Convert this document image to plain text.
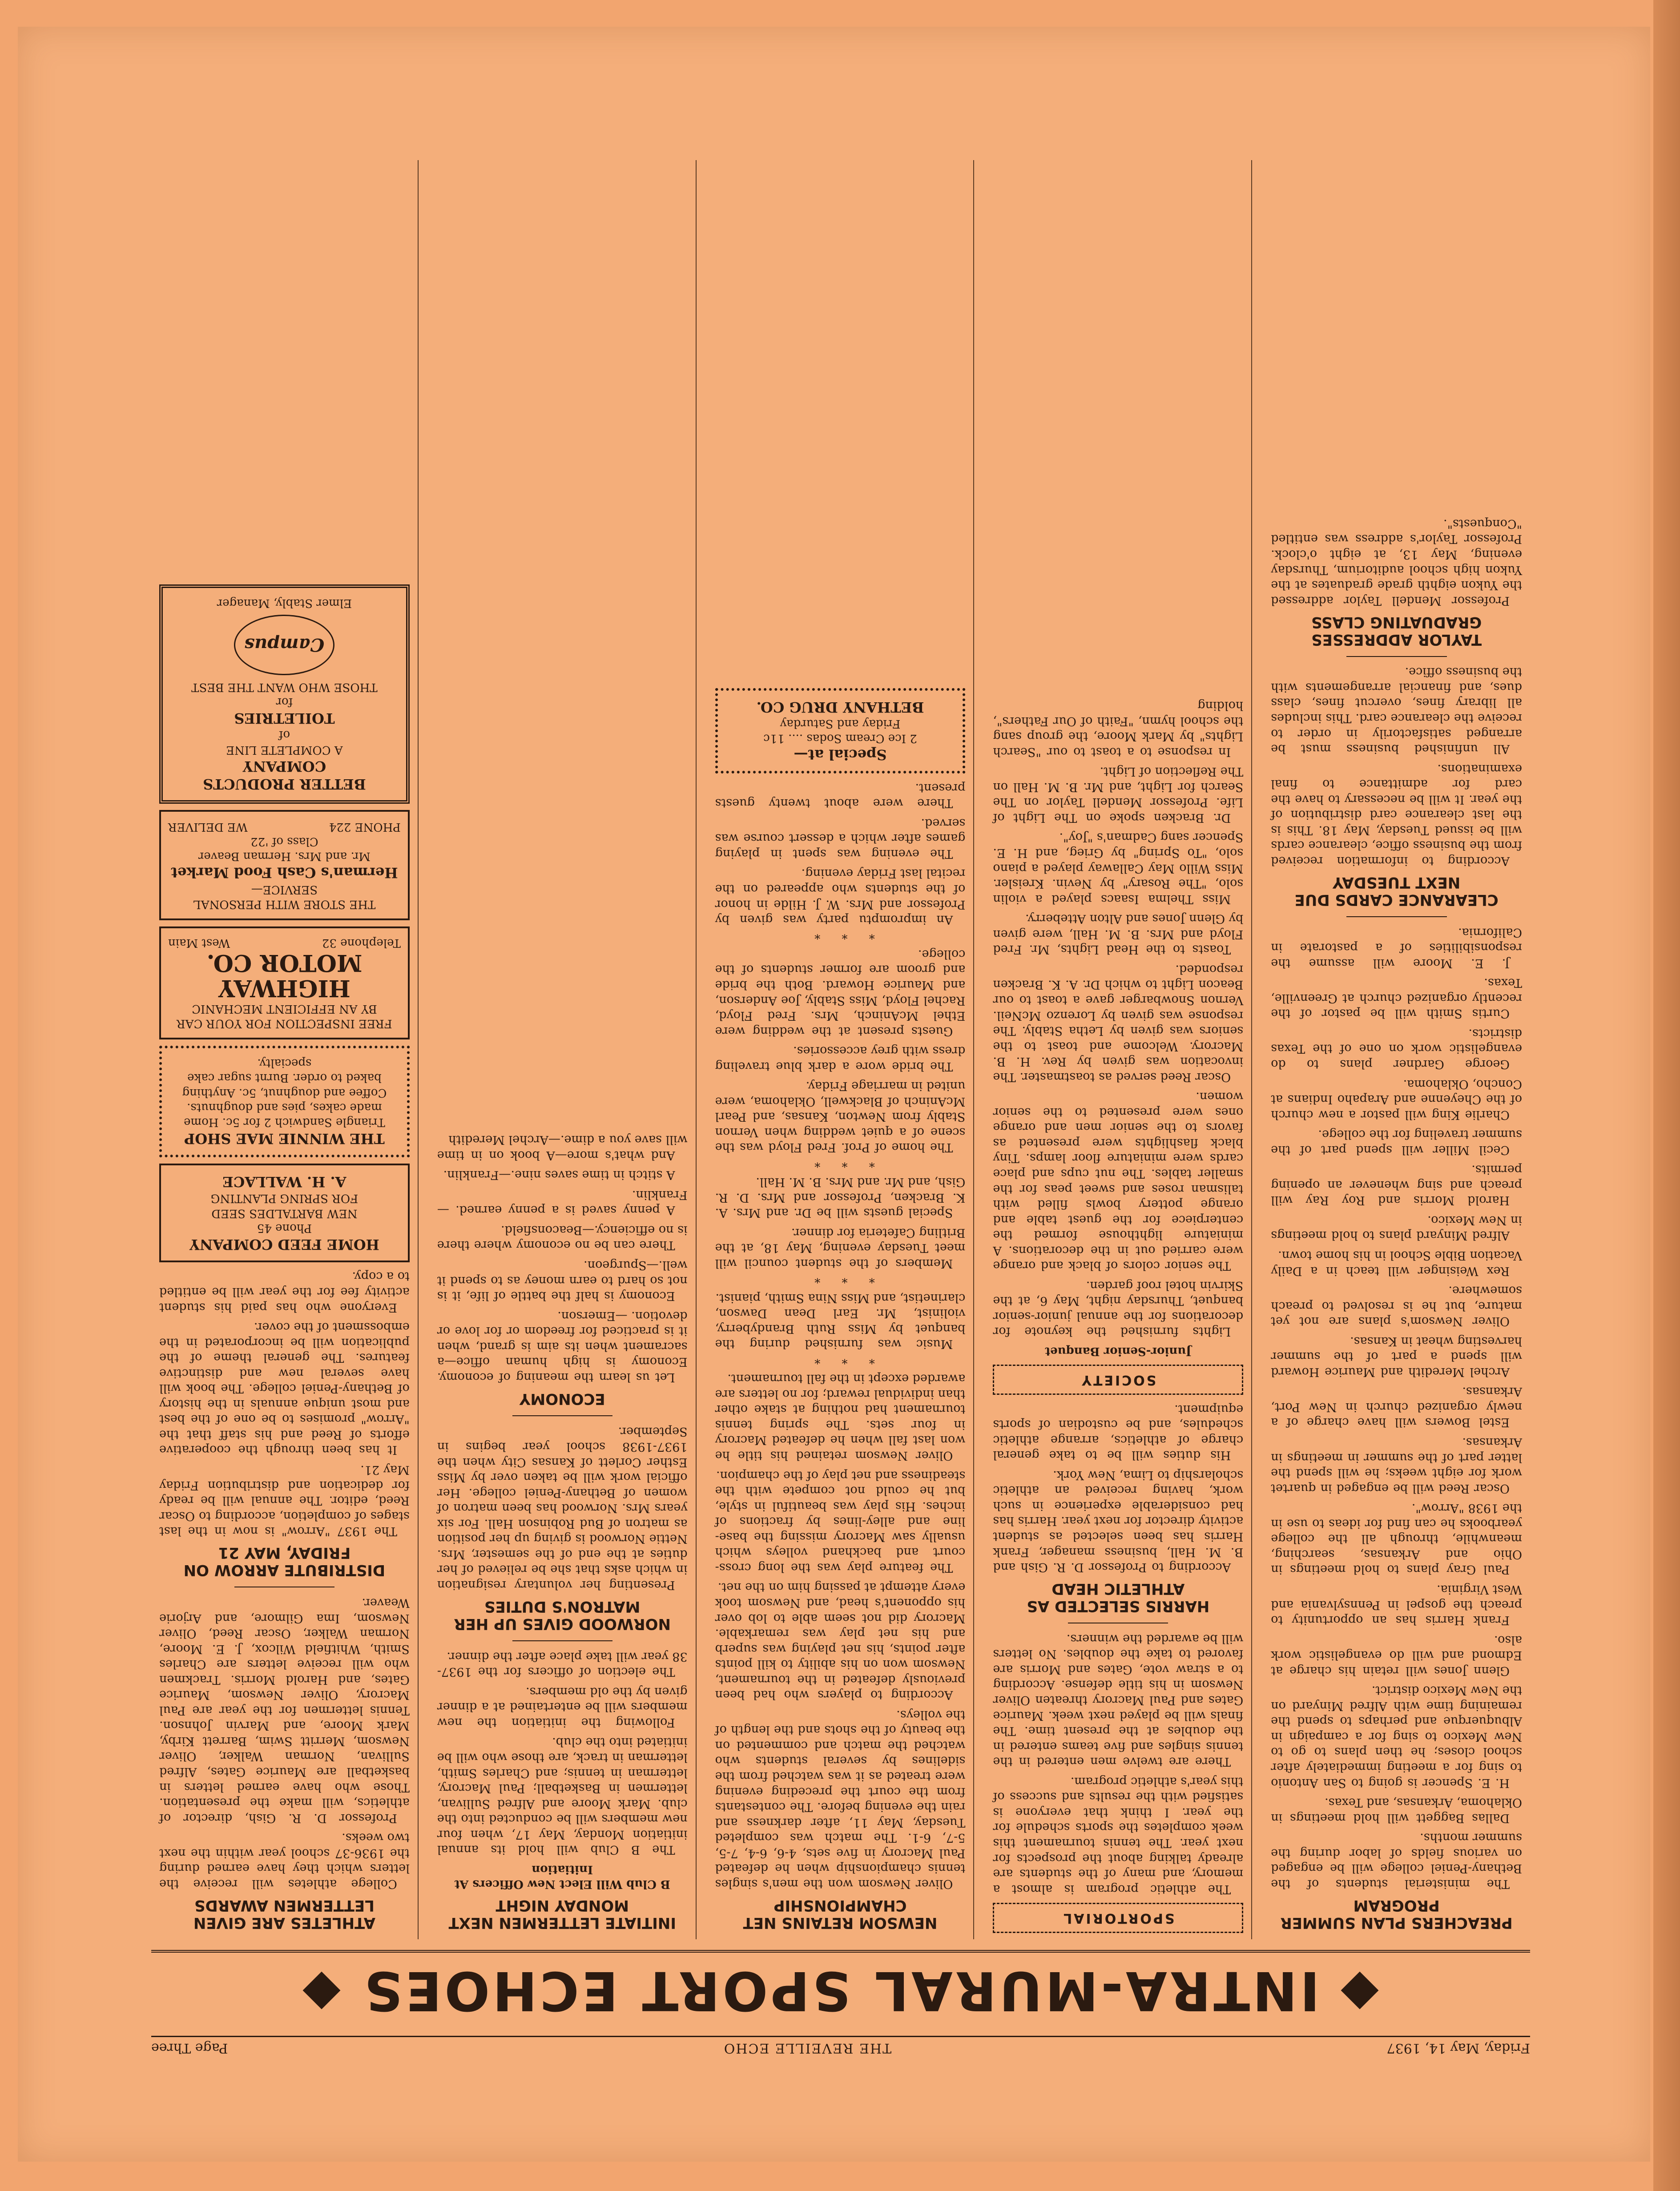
Friday, May 14, 1937
THE REVEILLE ECHO
Page Three
INTRA-MURAL SPORT ECHOES
PREACHERS PLAN SUMMER PROGRAM

The ministerial students of the Bethany-Peniel college will be engaged on various fields of labor during the summer months.

Dallas Baggett will hold meetings in Oklahoma, Arkansas, and Texas.

H. E. Spencer is going to San Antonio to sing for a meeting immediately after school closes; he then plans to go to New Mexico to sing for a campaign in Albuquerque and perhaps to spend the remaining time with Alfred Minyard on the New Mexico district.

Glenn Jones will retain his charge at Edmond and will do evangelistic work also.

Frank Harris has an opportunity to preach the gospel in Pennsylvania and West Virginia.

Paul Gray plans to hold meetings in Ohio and Arkansas, searching, meanwhile, through all the college yearbooks he can find for ideas to use in the 1938 "Arrow".

Oscar Reed will be engaged in quartet work for eight weeks; he will spend the latter part of the summer in meetings in Arkansas.

Estel Bowers will have charge of a newly organized church in New Port, Arkansas.

Archel Meredith and Maurice Howard will spend a part of the summer harvesting wheat in Kansas.

Oliver Newsom's plans are not yet mature, but he is resolved to preach somewhere.

Rex Weisinger will teach in a Daily Vacation Bible School in his home town.

Alfred Minyard plans to hold meetings in New Mexico.

Harold Morris and Roy Ray will preach and sing whenever an opening permits.

Cecil Miller will spend part of the summer traveling for the college.

Charlie King will pastor a new church of the Cheyenne and Arapaho Indians at Concho, Oklahoma.

George Gardner plans to do evangelistic work on one of the Texas districts.

Curtis Smith will be pastor of the recently organized church at Greenville, Texas.

J. E. Moore will assume the responsibilities of a pastorate in California.

CLEARANCE CARDS DUE NEXT TUESDAY

According to information received from the business office, clearance cards will be issued Tuesday, May 18. This is the last clearance card distribution of the year. It will be necessary to have the card for admittance to final examinations.

All unfinished business must be arranged satisfactorily in order to receive the clearance card. This includes all library fines, overcut fines, class dues, and financial arrangements with the business office.

TAYLOR ADDRESSES GRADUATING CLASS

Professor Mendell Taylor addressed the Yukon eighth grade graduates at the Yukon high school auditorium, Thursday evening, May 13, at eight o'clock. Professor Taylor's address was entitled "Conquests".

SPORTORIAL

The athletic program is almost a memory, and many of the students are already talking about the prospects for next year. The tennis tournament this week completes the sports schedule for the year. I think that everyone is satisfied with the results and success of this year's athletic program.

There are twelve men entered in the tennis singles and five teams entered in the doubles at the present time. The finals will be played next week. Maurice Gates and Paul Macrory threaten Oliver Newsom in his title defense. According to a straw vote, Gates and Morris are favored to take the doubles. No letters will be awarded the winners.

HARRIS SELECTED AS ATHLETIC HEAD

According to Professor D. R. Gish and B. M. Hall, business manager, Frank Harris has been selected as student activity director for next year. Harris has had considerable experience in such work, having received an athletic scholarship to Lima, New York.

His duties will be to take general charge of athletics, arrange athletic schedules, and be custodian of sports equipment.

SOCIETY
Junior-Senior Banquet

Lights furnished the keynote for decorations for the annual junior-senior banquet, Thursday night, May 6, at the Skirvin hotel roof garden.

The senior colors of black and orange were carried out in the decorations. A miniature lighthouse formed the centerpiece for the guest table and orange pottery bowls filled with talisman roses and sweet peas for the smaller tables. The nut cups and place cards were miniature floor lamps. Tiny black flashlights were presented as favors to the senior men and orange ones were presented to the senior women.

Oscar Reed served as toastmaster. The invocation was given by Rev. H. B. Macrory. Welcome and toast to the seniors was given by Letha Stably. The response was given by Lorenzo McNeil. Vernon Snowbarger gave a toast to our Beacon Light to which Dr. A. K. Bracken responded.

Toasts to the Head Lights, Mr. Fred Floyd and Mrs. B. M. Hall, were given by Glenn Jones and Alton Atteberry.

Miss Thelma Isaacs played a violin solo, "The Rosary" by Nevin. Kreisler. Miss Willo May Callaway played a piano solo, "To Spring" by Grieg, and H. E. Spencer sang Cadman's "Joy".

Dr. Bracken spoke on The Light of Life. Professor Mendell Taylor on The Search for Light, and Mr. B. M. Hall on The Reflection of Light.

In response to a toast to our "Search Lights" by Mark Moore, the group sang the school hymn, "Faith of Our Fathers", holding

NEWSOM RETAINS NET CHAMPIONSHIP

Oliver Newsom won the men's singles tennis championship when he defeated Paul Macrory in five sets, 4-6, 6-4, 7-5, 5-7, 6-1. The match was completed Tuesday, May 11, after darkness and rain the evening before. The contestants from the court the preceding evening were treated as it was watched from the sidelines by several students who watched the match and commented on the beauty of the shots and the length of the volleys.

According to players who had been previously defeated in the tournament, Newsom won on his ability to kill points after points, his net playing was superb and his net play was remarkable. Macrory did not seem able to lob over his opponent's head, and Newsom took every attempt at passing him on the net.

The feature play was the long cross-court and backhand volleys which usually saw Macrory missing the base-line and alley-lines by fractions of inches. His play was beautiful in style, but he could not compete with the steadiness and net play of the champion.

Oliver Newsom retained his title he won last fall when he defeated Macrory in four sets. The spring tennis tournament had nothing at stake other than individual reward; for no letters are awarded except in the fall tournament.

* * *

Music was furnished during the banquet by Miss Ruth Brandyberry, violinist, Mr. Earl Dean Dawson, clarinetist, and Miss Nina Smith, pianist.

* * *

Members of the student council will meet Tuesday evening, May 18, at the Britling Cafeteria for dinner.

Special guests will be Dr. and Mrs. A. K. Bracken, Professor and Mrs. D. R. Gish, and Mr. and Mrs. B. M. Hall.

* * *

The home of Prof. Fred Floyd was the scene of a quiet wedding when Vernon Stably from Newton, Kansas, and Pearl McAninch of Blackwell, Oklahoma, were united in marriage Friday.

The bride wore a dark blue traveling dress with grey accessories.

Guests present at the wedding were Ethel McAninch, Mrs. Fred Floyd, Rachel Floyd, Miss Stably, Joe Anderson, and Maurice Howard. Both the bride and groom are former students of the college.

* * *

An impromptu party was given by Professor and Mrs. W. J. Hilde in honor of the students who appeared on the recital last Friday evening.

The evening was spent in playing games after which a dessert course was served.

There were about twenty guests present.

Special at—
2 Ice Cream Sodas .... 11c
Friday and Saturday
BETHANY DRUG CO.
INITIATE LETTERMEN NEXT MONDAY NIGHT
B Club Will Elect New Officers At Initiation

The B Club will hold its annual initiation Monday, May 17, when four new members will be conducted into the club. Mark Moore and Alfred Sullivan, lettermen in Basketball; Paul Macrory, letterman in tennis; and Charles Smith, letterman in track, are those who will be initiated into the club.

Following the initiation the new members will be entertained at a dinner given by the old members.

The election of officers for the 1937-38 year will take place after the dinner.

NORWOOD GIVES UP HER MATRON'S DUTIES

Presenting her voluntary resignation in which asks that she be relieved of her duties at the end of the semester, Mrs. Nettie Norwood is giving up her position as matron of Bud Robinson Hall. For six years Mrs. Norwood has been matron of women of Bethany-Peniel college. Her official work will be taken over by Miss Esther Corlett of Kansas City when the 1937-1938 school year begins in September.

ECONOMY

Let us learn the meaning of economy. Economy is high human office—a sacrament when its aim is grand, when it is practiced for freedom or for love or devotion. —Emerson.

Economy is half the battle of life, it is not so hard to earn money as to spend it well.—Spurgeon.

There can be no economy where there is no efficiency.—Beaconsfield.

A penny saved is a penny earned. —Franklin.

A stitch in time saves nine.—Franklin.

And what's more—A book on in time will save you a dime.—Archel Meredith

ATHLETES ARE GIVEN LETTERMEN AWARDS

College athletes will receive the letters which they have earned during the 1936-37 school year within the next two weeks.

Professor D. R. Gish, director of athletics, will make the presentation. Those who have earned letters in basketball are Maurice Gates, Alfred Sullivan, Norman Walker, Oliver Newsom, Merritt Swim, Barrett Kirby, Mark Moore, and Marvin Johnson. Tennis lettermen for the year are Paul Macrory, Oliver Newsom, Maurice Gates, and Harold Morris. Trackmen who will receive letters are Charles Smith, Whitfield Wilcox, J. E. Moore, Norman Walker, Oscar Reed, Oliver Newsom, Ima Gilmore, and Arjorie Weaver.

DISTRIBUTE ARROW ON FRIDAY, MAY 21

The 1937 "Arrow" is now in the last stages of completion, according to Oscar Reed, editor. The annual will be ready for dedication and distribution Friday May 21.

It has been through the cooperative efforts of Reed and his staff that the "Arrow" promises to be one of the best and most unique annuals in the history of Bethany-Peniel college. The book will have several new and distinctive features. The general theme of the publication will be incorporated in the embossment of the cover.

Everyone who has paid his student activity fee for the year will be entitled to a copy.

HOME FEED COMPANY
Phone 45
NEW BARTALDES SEED
FOR SPRING PLANTING
A. H. WALLACE
THE WINNIE MAE SHOP
Triangle Sandwich 2 for 5c. Home made cakes, pies and doughnuts. Coffee and doughnut, 5c. Anything baked to order. Burnt sugar cake specialty.
FREE INSPECTION FOR YOUR CAR BY AN EFFICIENT MECHANIC
HIGHWAY MOTOR CO.
Telephone 32
West Main
THE STORE WITH PERSONAL SERVICE—
Herman's Cash Food Market
Mr. and Mrs. Herman Beaver
Class of '22
PHONE 224
WE DELIVER
BETTER PRODUCTS COMPANY
A COMPLETE LINE
of
TOILETRIES
for
THOSE WHO WANT THE BEST
Campus
Elmer Stably, Manager
